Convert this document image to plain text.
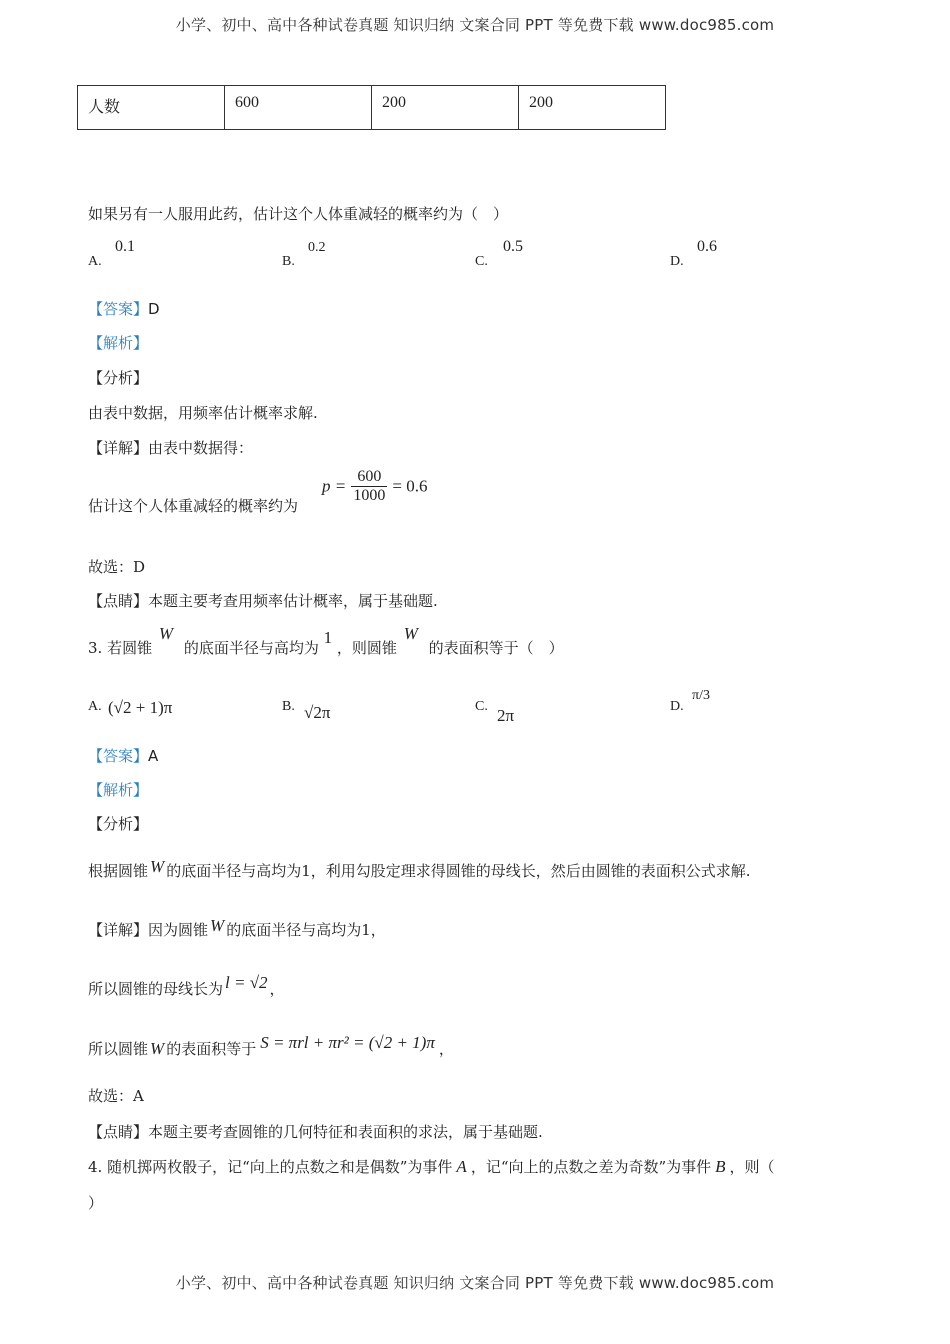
小学、初中、高中各种试卷真题 知识归纳 文案合同 PPT 等免费下载 www.doc985.com
人数	600	200	200
如果另有一人服用此药，估计这个人体重减轻的概率约为（　）
A.
0.1
B.
0.2
C.
0.5
D.
0.6
【答案】D
【解析】
【分析】
由表中数据，用频率估计概率求解.
【详解】由表中数据得：
估计这个人体重减轻的概率约为
$p = \frac{600}{1000} = 0.6$
故选：D
【点睛】本题主要考查用频率估计概率，属于基础题.
3. 若圆锥 W 的底面半径与高均为 1 ，则圆锥 W 的表面积等于（　）
A. (√2 + 1)π	B. √2π	C. 2π	D.
π/3
【答案】A
【解析】
【分析】
根据圆锥 W 的底面半径与高均为1，利用勾股定理求得圆锥的母线长，然后由圆锥的表面积公式求解.
【详解】因为圆锥 W 的底面半径与高均为1，
所以圆锥的母线长为 l = √2 ，
所以圆锥 W 的表面积等于 S = πrl + πr² = (√2 + 1)π ，
故选：A
【点睛】本题主要考查圆锥的几何特征和表面积的求法，属于基础题.
4. 随机掷两枚骰子，记“向上的点数之和是偶数”为事件 A ，记“向上的点数之差为奇数”为事件 B ，则（
）
小学、初中、高中各种试卷真题 知识归纳 文案合同 PPT 等免费下载 www.doc985.com
